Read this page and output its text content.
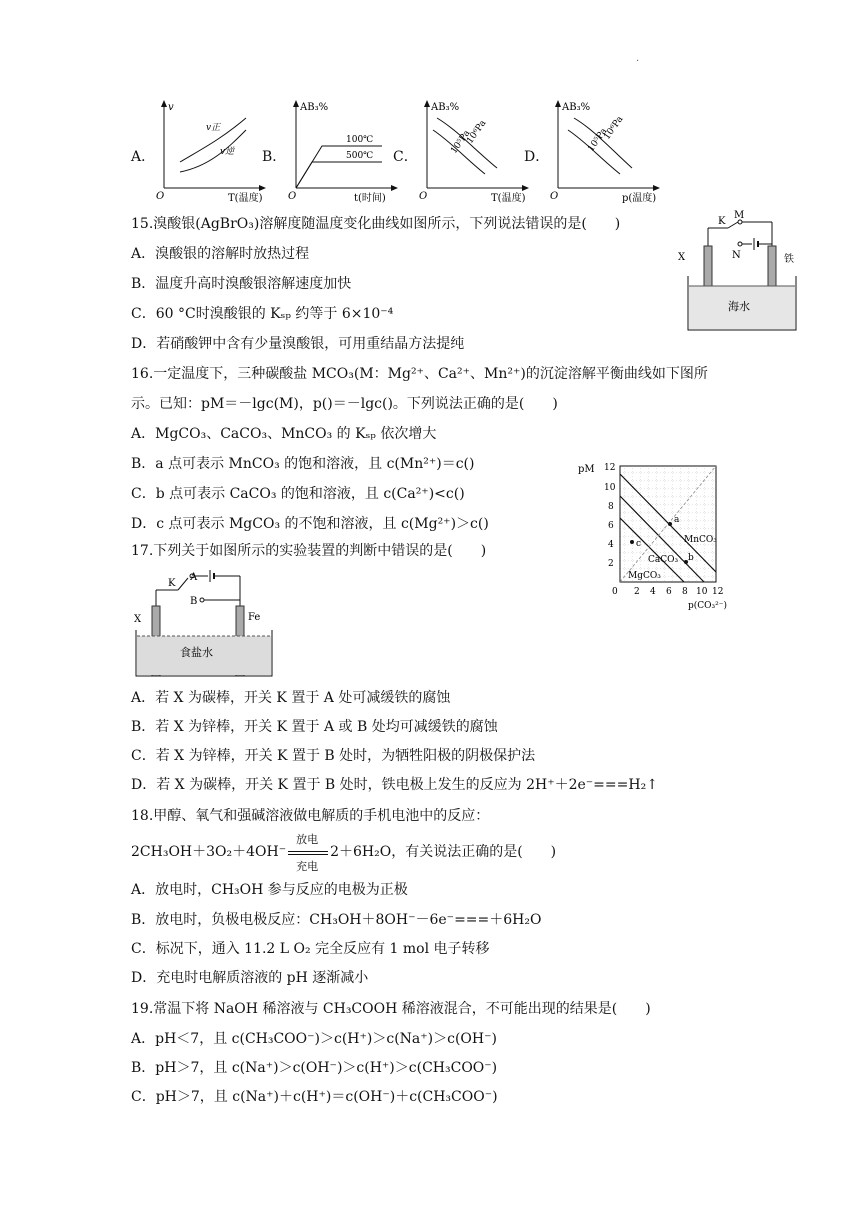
·
A．	B．	C．	D．
v
O	T(温度)
v正
v逆
AB₃%
O	t(时间)
100℃
500℃
AB₃%
O	T(温度)
10⁶Pa
10⁵Pa
AB₃%
O	p(温度)
10⁶Pa
10⁵Pa
15.溴酸银(AgBrO₃)溶解度随温度变化曲线如图所示，下列说法错误的是(　　)
A．溴酸银的溶解时放热过程
B．温度升高时溴酸银溶解速度加快
C．60 °C时溴酸银的 Kₛₚ 约等于 6×10⁻⁴
D．若硝酸钾中含有少量溴酸银，可用重结晶方法提纯
M
K
N
X	铁
海水
16.一定温度下，三种碳酸盐 MCO₃(M：Mg²⁺、Ca²⁺、Mn²⁺)的沉淀溶解平衡曲线如下图所
示。已知：pM＝－lgc(M)，p()＝－lgc()。下列说法正确的是(　　)
A．MgCO₃、CaCO₃、MnCO₃ 的 Kₛₚ 依次增大
B．a 点可表示 MnCO₃ 的饱和溶液，且 c(Mn²⁺)＝c()
C．b 点可表示 CaCO₃ 的饱和溶液，且 c(Ca²⁺)<c()
D．c 点可表示 MgCO₃ 的不饱和溶液，且 c(Mg²⁺)＞c()
pM 12
10
8
6
4
2
0 2 4 6 8 10 12
p(CO₃²⁻)
a
b
c	MnCO₃
CaCO₃
MgCO₃
17.下列关于如图所示的实验装置的判断中错误的是(　　)
K
A
B
X	Fe
食盐水
A．若 X 为碳棒，开关 K 置于 A 处可减缓铁的腐蚀
B．若 X 为锌棒，开关 K 置于 A 或 B 处均可减缓铁的腐蚀
C．若 X 为锌棒，开关 K 置于 B 处时，为牺牲阳极的阴极保护法
D．若 X 为碳棒，开关 K 置于 B 处时，铁电极上发生的反应为 2H⁺＋2e⁻===H₂↑
18.甲醇、氧气和强碱溶液做电解质的手机电池中的反应：
2CH₃OH＋3O₂＋4OH⁻
放电
充电
2＋6H₂O，有关说法正确的是(　　)
A．放电时，CH₃OH 参与反应的电极为正极
B．放电时，负极电极反应：CH₃OH＋8OH⁻－6e⁻===＋6H₂O
C．标况下，通入 11.2 L O₂ 完全反应有 1 mol 电子转移
D．充电时电解质溶液的 pH 逐渐减小
19.常温下将 NaOH 稀溶液与 CH₃COOH 稀溶液混合，不可能出现的结果是(　　)
A．pH＜7，且 c(CH₃COO⁻)＞c(H⁺)＞c(Na⁺)＞c(OH⁻)
B．pH＞7，且 c(Na⁺)＞c(OH⁻)＞c(H⁺)＞c(CH₃COO⁻)
C．pH＞7，且 c(Na⁺)＋c(H⁺)＝c(OH⁻)＋c(CH₃COO⁻)
